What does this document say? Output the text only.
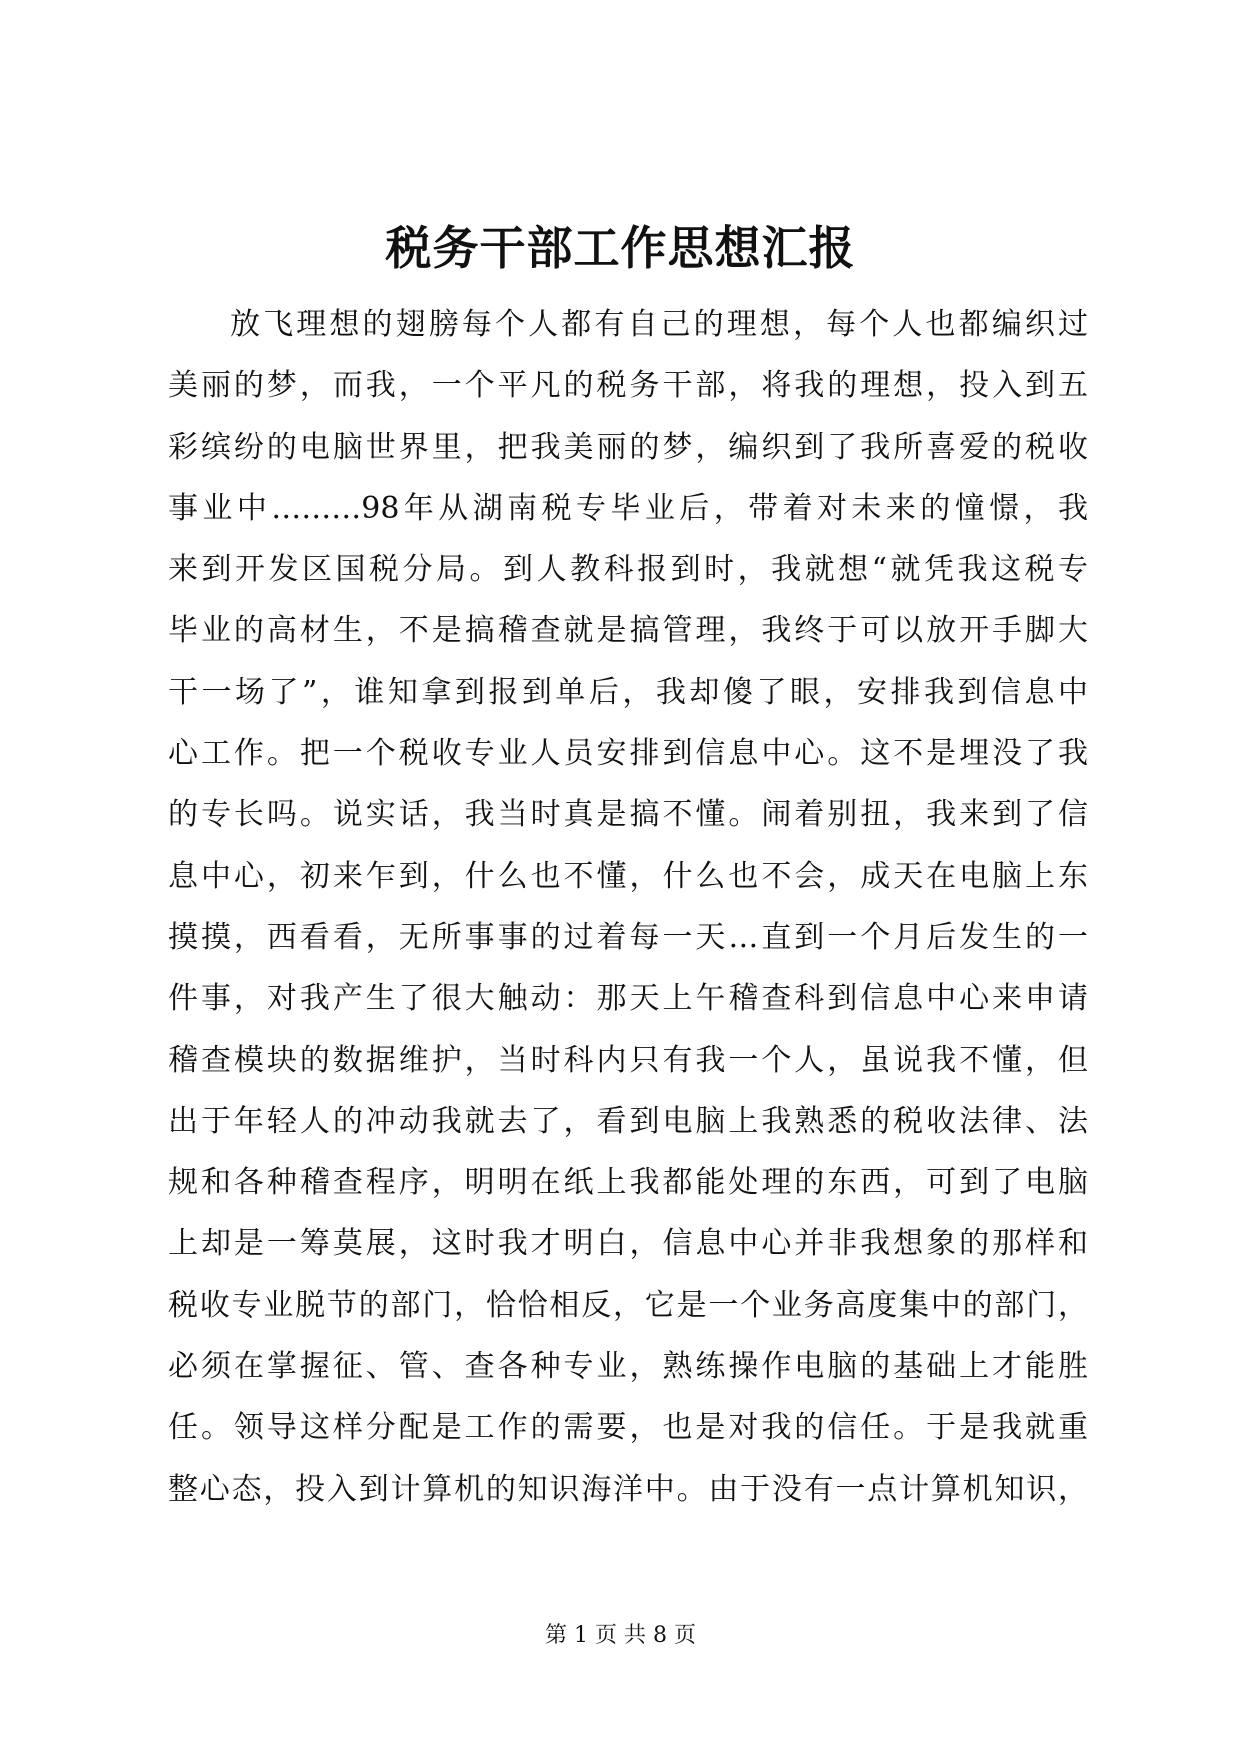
税务干部工作思想汇报
放飞理想的翅膀每个人都有自己的理想，每个人也都编织过
美丽的梦，而我，一个平凡的税务干部，将我的理想，投入到五
彩缤纷的电脑世界里，把我美丽的梦，编织到了我所喜爱的税收
事业中………98年从湖南税专毕业后，带着对未来的憧憬，我
来到开发区国税分局。到人教科报到时，我就想“就凭我这税专
毕业的高材生，不是搞稽查就是搞管理，我终于可以放开手脚大
干一场了”，谁知拿到报到单后，我却傻了眼，安排我到信息中
心工作。把一个税收专业人员安排到信息中心。这不是埋没了我
的专长吗。说实话，我当时真是搞不懂。闹着别扭，我来到了信
息中心，初来乍到，什么也不懂，什么也不会，成天在电脑上东
摸摸，西看看，无所事事的过着每一天…直到一个月后发生的一
件事，对我产生了很大触动：那天上午稽查科到信息中心来申请
稽查模块的数据维护，当时科内只有我一个人，虽说我不懂，但
出于年轻人的冲动我就去了，看到电脑上我熟悉的税收法律、法
规和各种稽查程序，明明在纸上我都能处理的东西，可到了电脑
上却是一筹莫展，这时我才明白，信息中心并非我想象的那样和
税收专业脱节的部门，恰恰相反，它是一个业务高度集中的部门，
必须在掌握征、管、查各种专业，熟练操作电脑的基础上才能胜
任。领导这样分配是工作的需要，也是对我的信任。于是我就重
整心态，投入到计算机的知识海洋中。由于没有一点计算机知识，
第 1 页 共 8 页
